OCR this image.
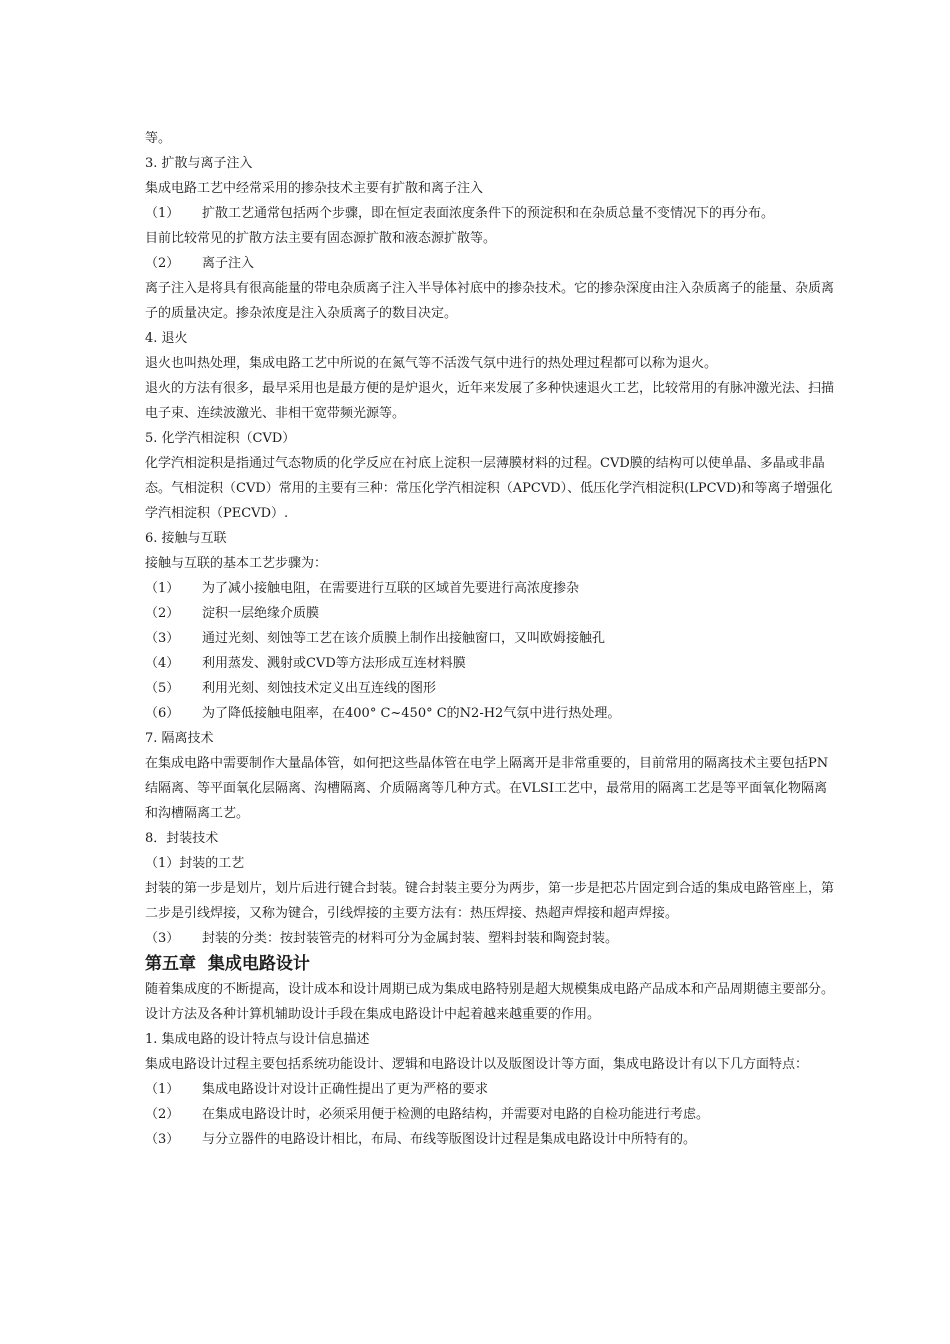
等。
3. 扩散与离子注入
集成电路工艺中经常采用的掺杂技术主要有扩散和离子注入
（1）	扩散工艺通常包括两个步骤，即在恒定表面浓度条件下的预淀积和在杂质总量不变情况下的再分布。
目前比较常见的扩散方法主要有固态源扩散和液态源扩散等。
（2）	离子注入
离子注入是将具有很高能量的带电杂质离子注入半导体衬底中的掺杂技术。它的掺杂深度由注入杂质离子的能量、杂质离子的质量决定。掺杂浓度是注入杂质离子的数目决定。
4. 退火
退火也叫热处理，集成电路工艺中所说的在氮气等不活泼气氛中进行的热处理过程都可以称为退火。
退火的方法有很多，最早采用也是最方便的是炉退火，近年来发展了多种快速退火工艺，比较常用的有脉冲激光法、扫描电子束、连续波激光、非相干宽带频光源等。
5. 化学汽相淀积（CVD）
化学汽相淀积是指通过气态物质的化学反应在衬底上淀积一层薄膜材料的过程。CVD膜的结构可以使单晶、多晶或非晶态。气相淀积（CVD）常用的主要有三种：常压化学汽相淀积（APCVD）、低压化学汽相淀积(LPCVD)和等离子增强化学汽相淀积（PECVD）.
6. 接触与互联
接触与互联的基本工艺步骤为：
（1）	为了减小接触电阻，在需要进行互联的区域首先要进行高浓度掺杂
（2）	淀积一层绝缘介质膜
（3）	通过光刻、刻蚀等工艺在该介质膜上制作出接触窗口，又叫欧姆接触孔
（4）	利用蒸发、溅射或CVD等方法形成互连材料膜
（5）	利用光刻、刻蚀技术定义出互连线的图形
（6）	为了降低接触电阻率，在400° C~450° C的N2-H2气氛中进行热处理。
7. 隔离技术
在集成电路中需要制作大量晶体管，如何把这些晶体管在电学上隔离开是非常重要的，目前常用的隔离技术主要包括PN结隔离、等平面氧化层隔离、沟槽隔离、介质隔离等几种方式。在VLSI工艺中，最常用的隔离工艺是等平面氧化物隔离和沟槽隔离工艺。
8．封装技术
（1）封装的工艺
封装的第一步是划片，划片后进行键合封装。键合封装主要分为两步，第一步是把芯片固定到合适的集成电路管座上，第二步是引线焊接，又称为键合，引线焊接的主要方法有：热压焊接、热超声焊接和超声焊接。
（3）	封装的分类：按封装管壳的材料可分为金属封装、塑料封装和陶瓷封装。
第五章  集成电路设计
随着集成度的不断提高，设计成本和设计周期已成为集成电路特别是超大规模集成电路产品成本和产品周期德主要部分。设计方法及各种计算机辅助设计手段在集成电路设计中起着越来越重要的作用。
1. 集成电路的设计特点与设计信息描述
集成电路设计过程主要包括系统功能设计、逻辑和电路设计以及版图设计等方面，集成电路设计有以下几方面特点：
（1）	集成电路设计对设计正确性提出了更为严格的要求
（2）	在集成电路设计时，必须采用便于检测的电路结构，并需要对电路的自检功能进行考虑。
（3）	与分立器件的电路设计相比，布局、布线等版图设计过程是集成电路设计中所特有的。
